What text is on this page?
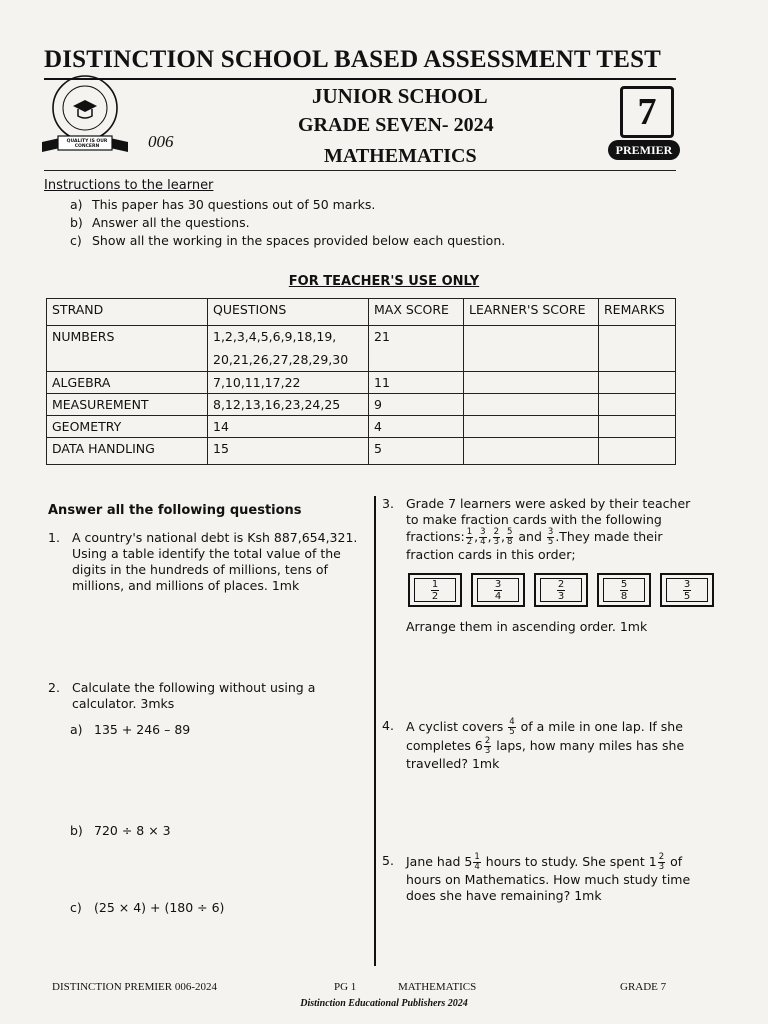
DISTINCTION SCHOOL BASED ASSESSMENT TEST
QUALITY IS OUR CONCERN	006
JUNIOR SCHOOL
GRADE SEVEN- 2024
MATHEMATICS
7
PREMIER
Instructions to the learner
a) This paper has 30 questions out of 50 marks.
b) Answer all the questions.
c) Show all the working in the spaces provided below each question.
FOR TEACHER'S USE ONLY
STRAND	QUESTIONS	MAX SCORE	LEARNER'S SCORE	REMARKS
NUMBERS	1,2,3,4,5,6,9,18,19,
20,21,26,27,28,29,30	21		
ALGEBRA	7,10,11,17,22	11		
MEASUREMENT	8,12,13,16,23,24,25	9		
GEOMETRY	14	4		
DATA HANDLING	15	5		
Answer all the following questions
1. A country's national debt is Ksh 887,654,321.
Using a table identify the total value of the
digits in the hundreds of millions, tens of
millions, and millions of places. 1mk
2. Calculate the following without using a
calculator. 3mks
a) 135 + 246 – 89
b) 720 ÷ 8 × 3
c) (25 × 4) + (180 ÷ 6)
3. Grade 7 learners were asked by their teacher
to make fraction cards with the following
fractions: $\frac{1}{2}$ , $\frac{3}{4}$ , $\frac{2}{3}$ , $\frac{5}{8}$ and $\frac{3}{5}$ .They made their
fraction cards in this order;
$\frac{1}{2}$	$\frac{3}{4}$	$\frac{2}{3}$	$\frac{5}{8}$	$\frac{3}{5}$
Arrange them in ascending order. 1mk
4. A cyclist covers $\frac{4}{5}$ of a mile in one lap. If she
completes $6 \frac{2}{3}$ laps, how many miles has she
travelled? 1mk
5. Jane had $5 \frac{1}{4}$ hours to study. She spent $1 \frac{2}{3}$ of
hours on Mathematics. How much study time
does she have remaining? 1mk
DISTINCTION PREMIER 006-2024	PG 1	MATHEMATICS	GRADE 7
Distinction Educational Publishers 2024
